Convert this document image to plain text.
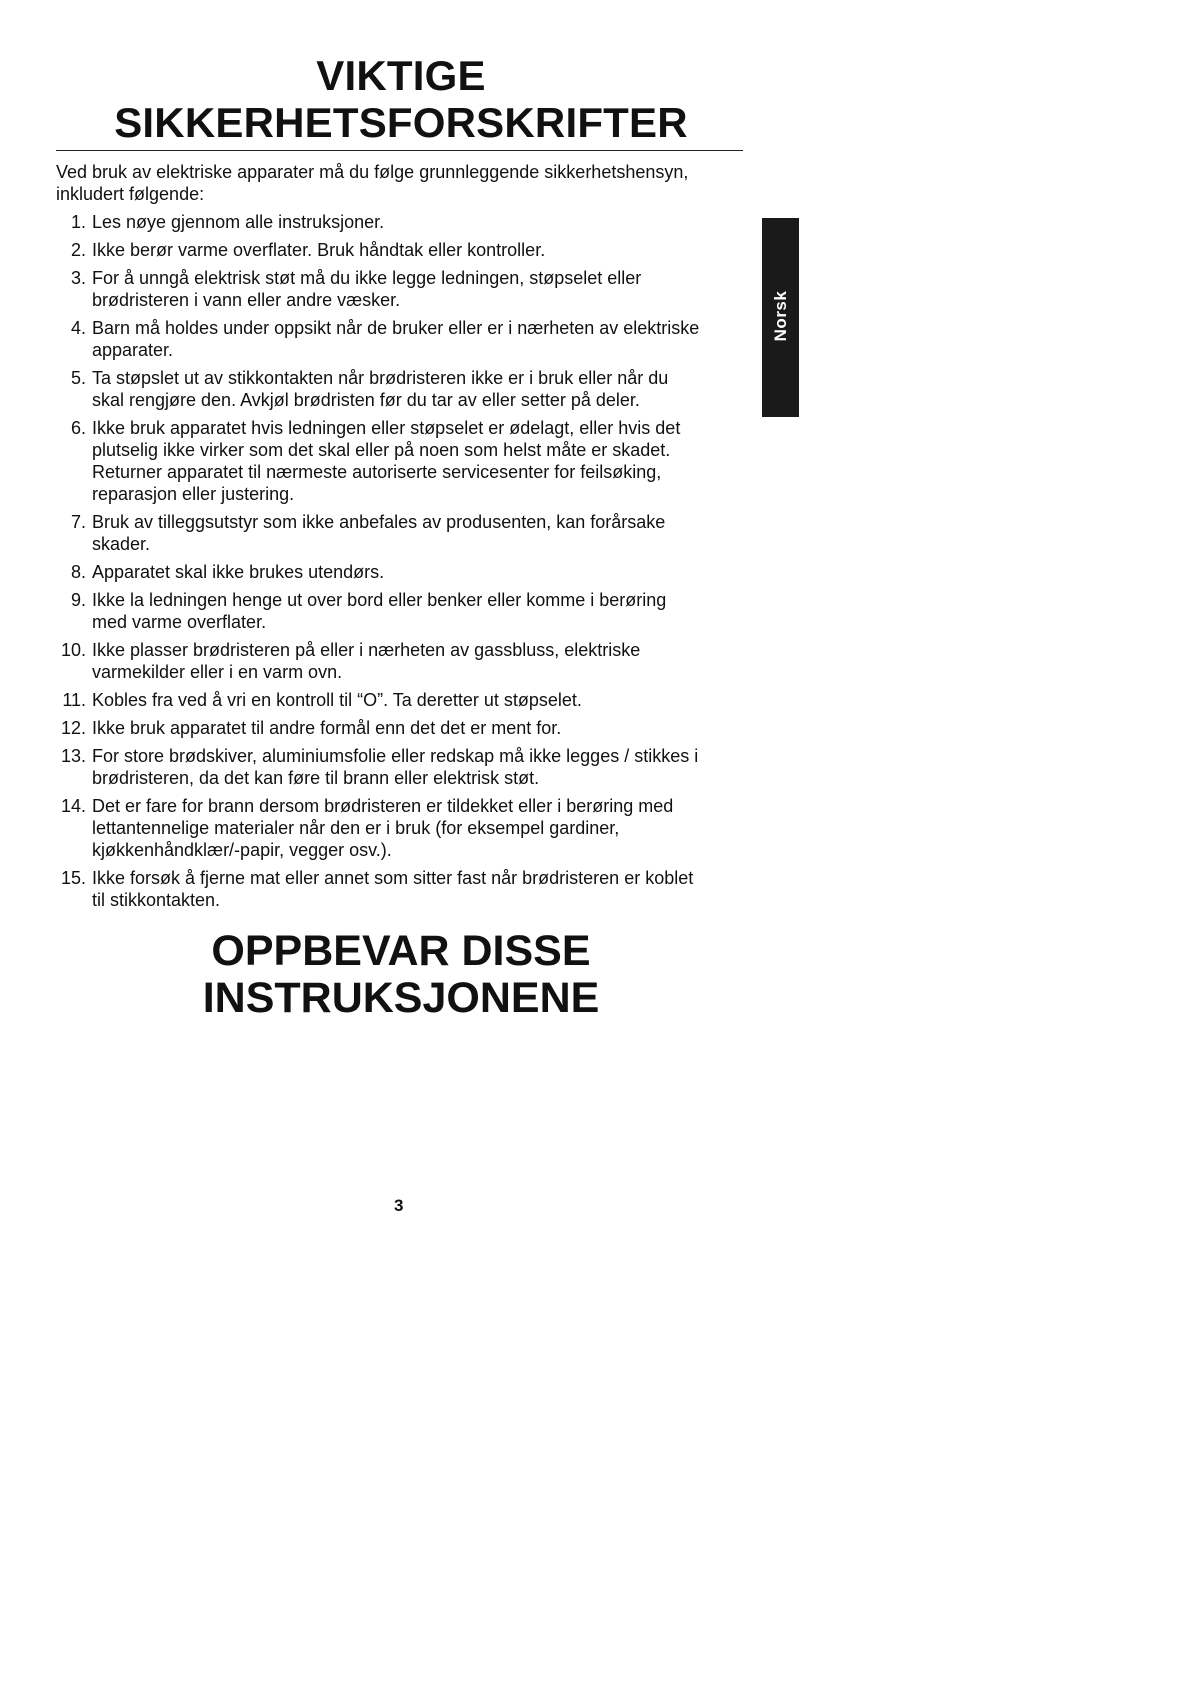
VIKTIGE
SIKKERHETSFORSKRIFTER

Ved bruk av elektriske apparater må du følge grunnleggende sikkerhetshensyn,
inkludert følgende:

1. Les nøye gjennom alle instruksjoner.
2. Ikke berør varme overflater. Bruk håndtak eller kontroller.
3. For å unngå elektrisk støt må du ikke legge ledningen, støpselet eller
brødristeren i vann eller andre væsker.
4. Barn må holdes under oppsikt når de bruker eller er i nærheten av elektriske
apparater.
5. Ta støpslet ut av stikkontakten når brødristeren ikke er i bruk eller når du
skal rengjøre den. Avkjøl brødristen før du tar av eller setter på deler.
6. Ikke bruk apparatet hvis ledningen eller støpselet er ødelagt, eller hvis det
plutselig ikke virker som det skal eller på noen som helst måte er skadet.
Returner apparatet til nærmeste autoriserte servicesenter for feilsøking,
reparasjon eller justering.
7. Bruk av tilleggsutstyr som ikke anbefales av produsenten, kan forårsake
skader.
8. Apparatet skal ikke brukes utendørs.
9. Ikke la ledningen henge ut over bord eller benker eller komme i berøring
med varme overflater.
10. Ikke plasser brødristeren på eller i nærheten av gassbluss, elektriske
varmekilder eller i en varm ovn.
11. Kobles fra ved å vri en kontroll til “O”. Ta deretter ut støpselet.
12. Ikke bruk apparatet til andre formål enn det det er ment for.
13. For store brødskiver, aluminiumsfolie eller redskap må ikke legges / stikkes i
brødristeren, da det kan føre til brann eller elektrisk støt.
14. Det er fare for brann dersom brødristeren er tildekket eller i berøring med
lettantennelige materialer når den er i bruk (for eksempel gardiner,
kjøkkenhåndklær/-papir, vegger osv.).
15. Ikke forsøk å fjerne mat eller annet som sitter fast når brødristeren er koblet
til stikkontakten.
OPPBEVAR DISSE
INSTRUKSJONENE
3
Norsk
